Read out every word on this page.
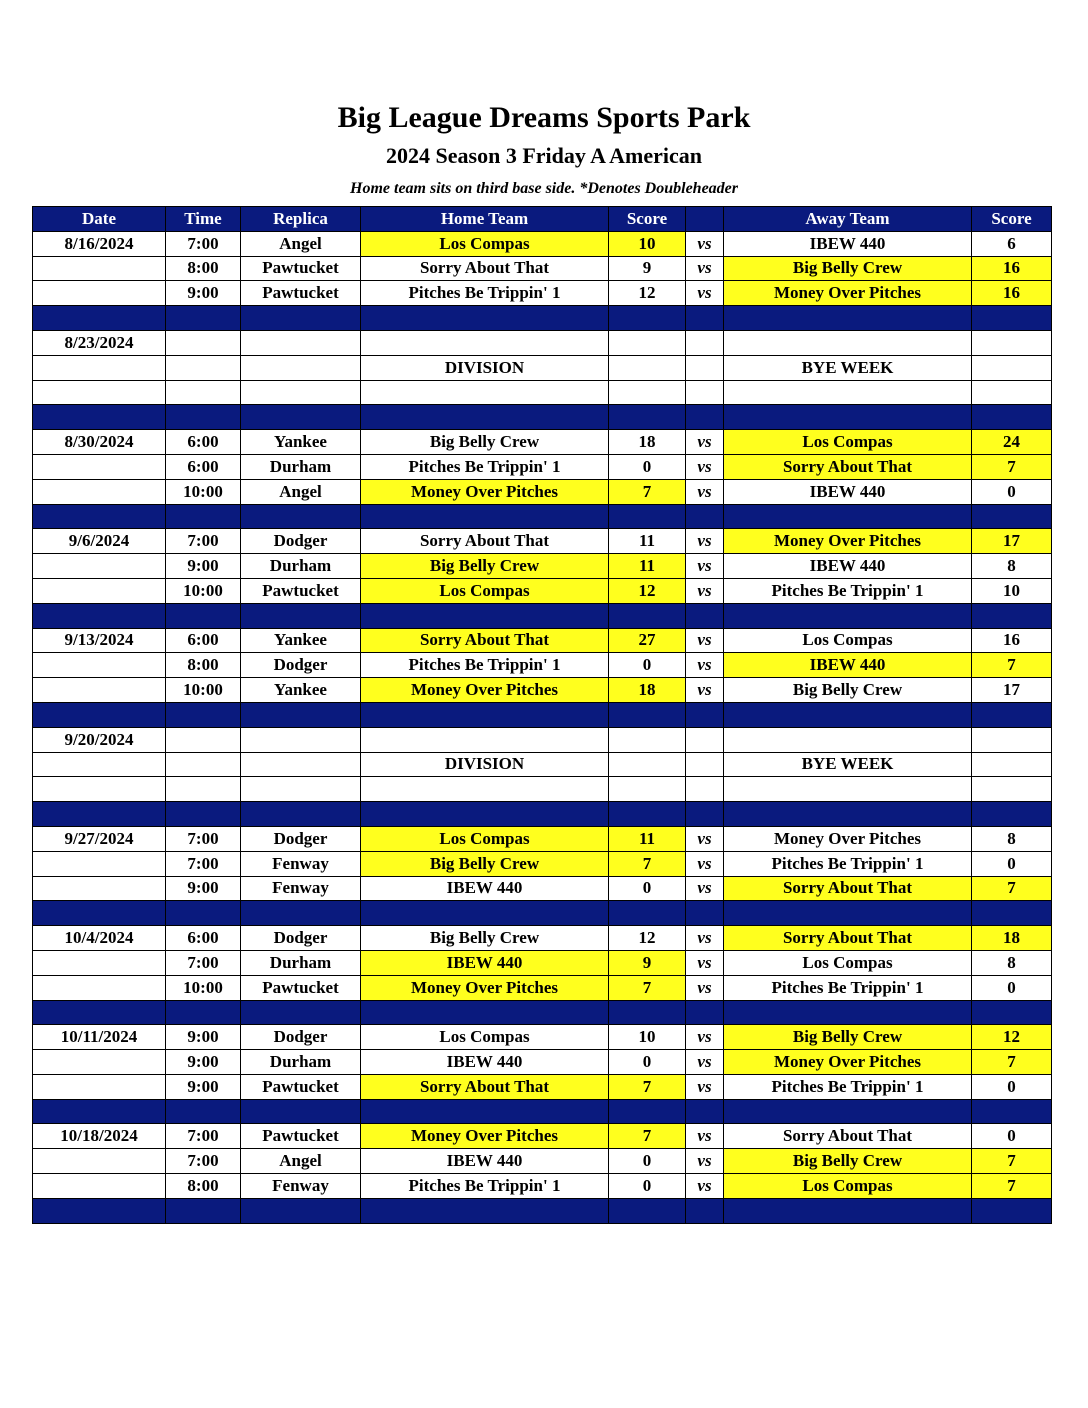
Big League Dreams Sports Park
2024 Season 3 Friday A American
Home team sits on third base side. *Denotes Doubleheader
Date	Time	Replica	Home Team	Score		Away Team	Score
8/16/2024	7:00	Angel	Los Compas	10	vs	IBEW 440	6
	8:00	Pawtucket	Sorry About That	9	vs	Big Belly Crew	16
	9:00	Pawtucket	Pitches Be Trippin' 1	12	vs	Money Over Pitches	16

8/23/2024							
			DIVISION			BYE WEEK	

8/30/2024	6:00	Yankee	Big Belly Crew	18	vs	Los Compas	24
	6:00	Durham	Pitches Be Trippin' 1	0	vs	Sorry About That	7
	10:00	Angel	Money Over Pitches	7	vs	IBEW 440	0

9/6/2024	7:00	Dodger	Sorry About That	11	vs	Money Over Pitches	17
	9:00	Durham	Big Belly Crew	11	vs	IBEW 440	8
	10:00	Pawtucket	Los Compas	12	vs	Pitches Be Trippin' 1	10

9/13/2024	6:00	Yankee	Sorry About That	27	vs	Los Compas	16
	8:00	Dodger	Pitches Be Trippin' 1	0	vs	IBEW 440	7
	10:00	Yankee	Money Over Pitches	18	vs	Big Belly Crew	17

9/20/2024							
			DIVISION			BYE WEEK	

9/27/2024	7:00	Dodger	Los Compas	11	vs	Money Over Pitches	8
	7:00	Fenway	Big Belly Crew	7	vs	Pitches Be Trippin' 1	0
	9:00	Fenway	IBEW 440	0	vs	Sorry About That	7

10/4/2024	6:00	Dodger	Big Belly Crew	12	vs	Sorry About That	18
	7:00	Durham	IBEW 440	9	vs	Los Compas	8
	10:00	Pawtucket	Money Over Pitches	7	vs	Pitches Be Trippin' 1	0

10/11/2024	9:00	Dodger	Los Compas	10	vs	Big Belly Crew	12
	9:00	Durham	IBEW 440	0	vs	Money Over Pitches	7
	9:00	Pawtucket	Sorry About That	7	vs	Pitches Be Trippin' 1	0

10/18/2024	7:00	Pawtucket	Money Over Pitches	7	vs	Sorry About That	0
	7:00	Angel	IBEW 440	0	vs	Big Belly Crew	7
	8:00	Fenway	Pitches Be Trippin' 1	0	vs	Los Compas	7
